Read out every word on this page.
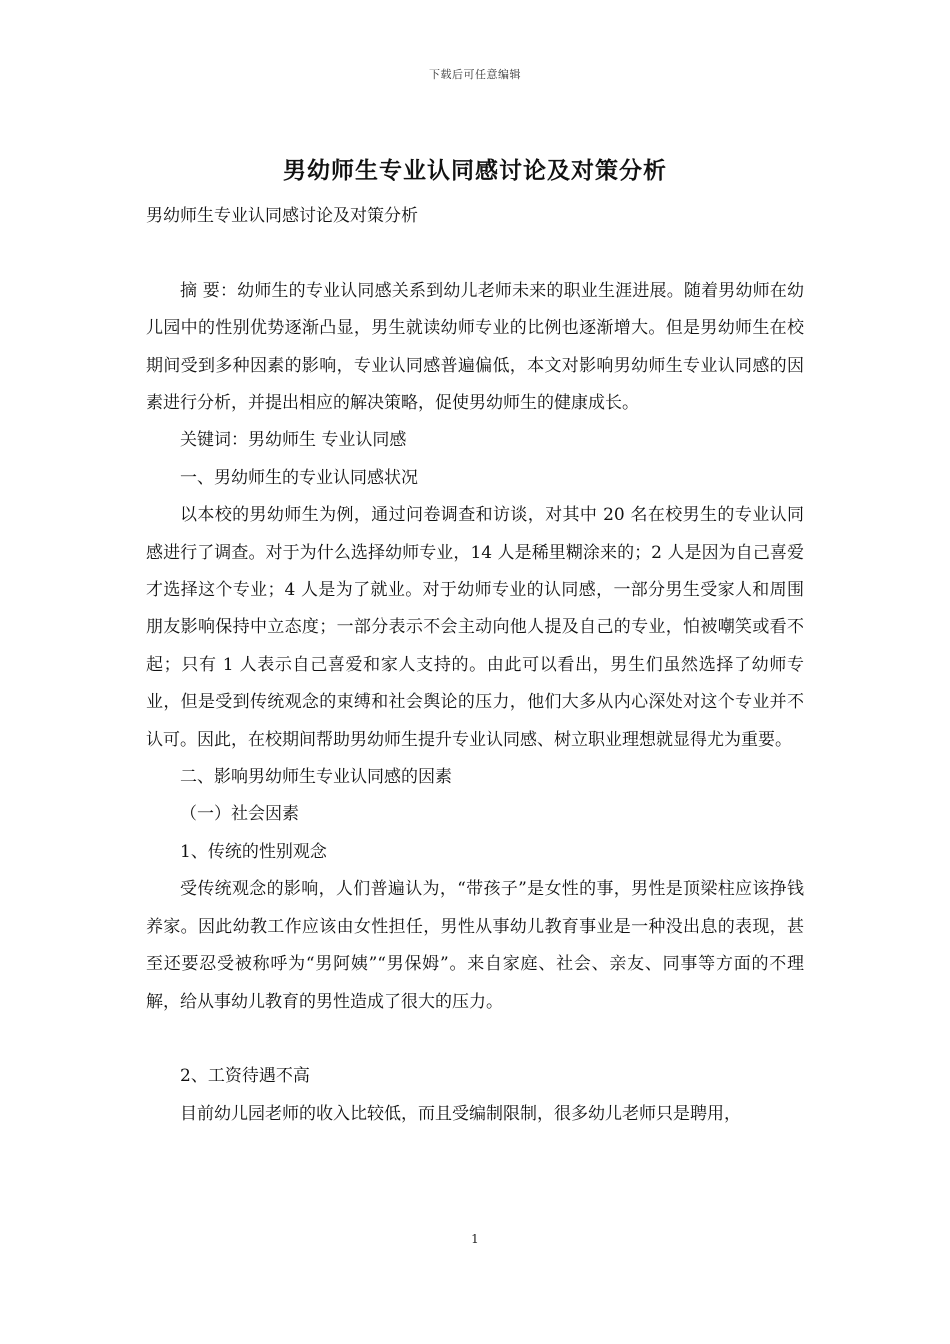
下载后可任意编辑
男幼师生专业认同感讨论及对策分析

男幼师生专业认同感讨论及对策分析

摘 要：幼师生的专业认同感关系到幼儿老师未来的职业生涯进展。随着男幼师在幼儿园中的性别优势逐渐凸显，男生就读幼师专业的比例也逐渐增大。但是男幼师生在校期间受到多种因素的影响，专业认同感普遍偏低，本文对影响男幼师生专业认同感的因素进行分析，并提出相应的解决策略，促使男幼师生的健康成长。

关键词：男幼师生 专业认同感

一、男幼师生的专业认同感状况

以本校的男幼师生为例，通过问卷调查和访谈，对其中 20 名在校男生的专业认同感进行了调查。对于为什么选择幼师专业，14 人是稀里糊涂来的；2 人是因为自己喜爱才选择这个专业；4 人是为了就业。对于幼师专业的认同感，一部分男生受家人和周围朋友影响保持中立态度；一部分表示不会主动向他人提及自己的专业，怕被嘲笑或看不起；只有 1 人表示自己喜爱和家人支持的。由此可以看出，男生们虽然选择了幼师专业，但是受到传统观念的束缚和社会舆论的压力，他们大多从内心深处对这个专业并不认可。因此，在校期间帮助男幼师生提升专业认同感、树立职业理想就显得尤为重要。

二、影响男幼师生专业认同感的因素

（一）社会因素

1、传统的性别观念

受传统观念的影响，人们普遍认为，“带孩子”是女性的事，男性是顶梁柱应该挣钱养家。因此幼教工作应该由女性担任，男性从事幼儿教育事业是一种没出息的表现，甚至还要忍受被称呼为“男阿姨”“男保姆”。来自家庭、社会、亲友、同事等方面的不理解，给从事幼儿教育的男性造成了很大的压力。

2、工资待遇不高

目前幼儿园老师的收入比较低，而且受编制限制，很多幼儿老师只是聘用，

1
